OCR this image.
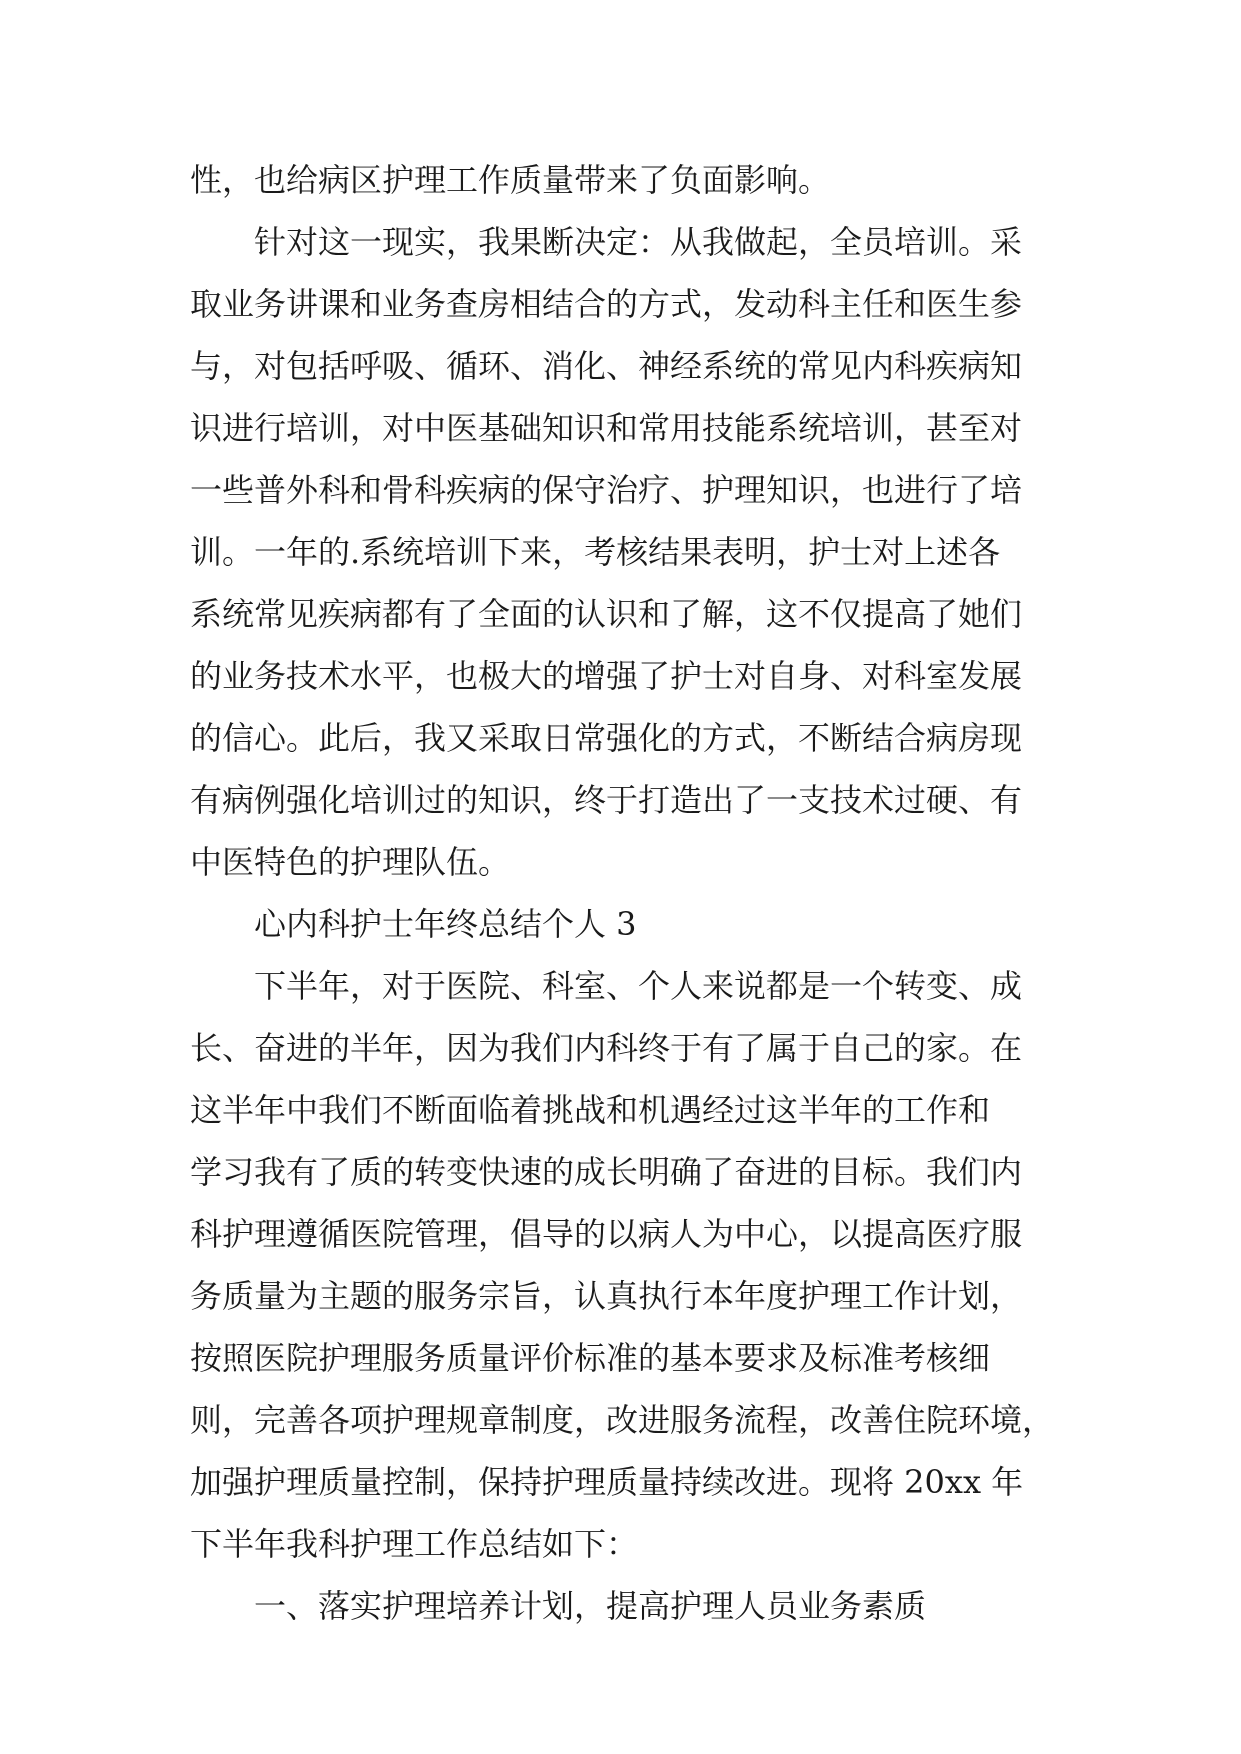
性，也给病区护理工作质量带来了负面影响。
针对这一现实，我果断决定：从我做起，全员培训。采
取业务讲课和业务查房相结合的方式，发动科主任和医生参
与，对包括呼吸、循环、消化、神经系统的常见内科疾病知
识进行培训，对中医基础知识和常用技能系统培训，甚至对
一些普外科和骨科疾病的保守治疗、护理知识，也进行了培
训。一年的.系统培训下来，考核结果表明，护士对上述各
系统常见疾病都有了全面的认识和了解，这不仅提高了她们
的业务技术水平，也极大的增强了护士对自身、对科室发展
的信心。此后，我又采取日常强化的方式，不断结合病房现
有病例强化培训过的知识，终于打造出了一支技术过硬、有
中医特色的护理队伍。
心内科护士年终总结个人 3
下半年，对于医院、科室、个人来说都是一个转变、成
长、奋进的半年，因为我们内科终于有了属于自己的家。在
这半年中我们不断面临着挑战和机遇经过这半年的工作和
学习我有了质的转变快速的成长明确了奋进的目标。我们内
科护理遵循医院管理，倡导的以病人为中心，以提高医疗服
务质量为主题的服务宗旨，认真执行本年度护理工作计划，
按照医院护理服务质量评价标准的基本要求及标准考核细
则，完善各项护理规章制度，改进服务流程，改善住院环境，
加强护理质量控制，保持护理质量持续改进。现将 20xx 年
下半年我科护理工作总结如下：
一、落实护理培养计划，提高护理人员业务素质
